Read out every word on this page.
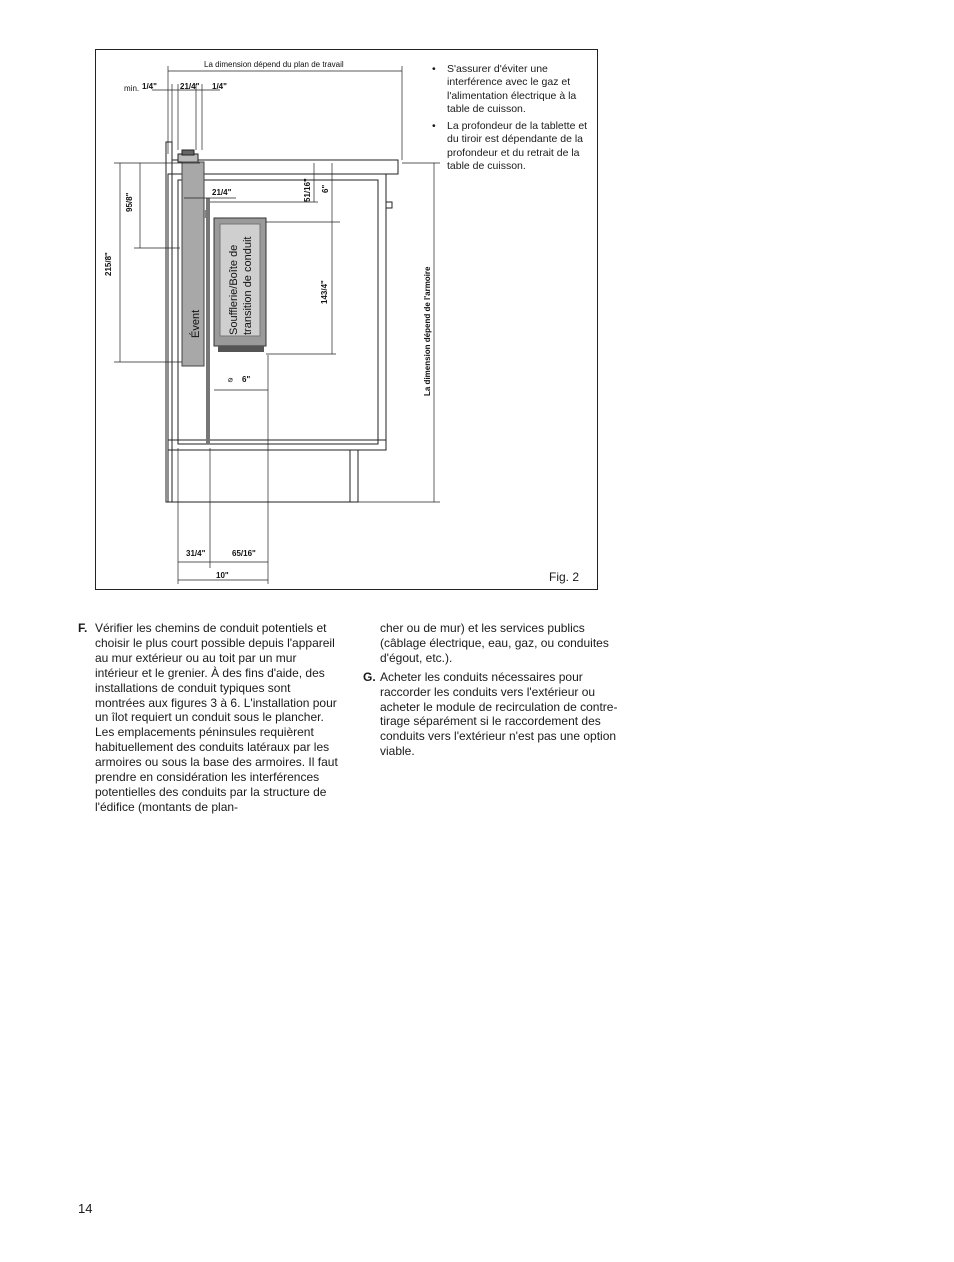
La dimension dépend du plan de travail
min. 1/4"	21/4" 1/4"
95/8"
215/8"
21/4"	51/16" 6"
143/4"
Évent Soufflerie/Boîte de transition de conduit
⌀ 6"	La dimension dépend de l'armoire
31/4"	65/16"
10"
• S'assurer d'éviter une interférence avec le gaz et l'alimentation électrique à la table de cuisson.
• La profondeur de la tablette et du tiroir est dépendante de la profondeur et du retrait de la table de cuisson.
Fig. 2
F. Vérifier les chemins de conduit potentiels et choisir le plus court possible depuis l'appareil au mur extérieur ou au toit par un mur intérieur et le grenier. À des fins d'aide, des installations de conduit typiques sont montrées aux figures 3 à 6. L'installation pour un îlot requiert un conduit sous le plancher. Les emplacements péninsules requièrent habituellement des conduits latéraux par les armoires ou sous la base des armoires. Il faut prendre en considération les interférences potentielles des conduits par la structure de l'édifice (montants de plan-
cher ou de mur) et les services publics (câblage électrique, eau, gaz, ou conduites d'égout, etc.).
G. Acheter les conduits nécessaires pour raccorder les conduits vers l'extérieur ou acheter le module de recirculation de contre-tirage séparément si le raccordement des conduits vers l'extérieur n'est pas une option viable.
14
